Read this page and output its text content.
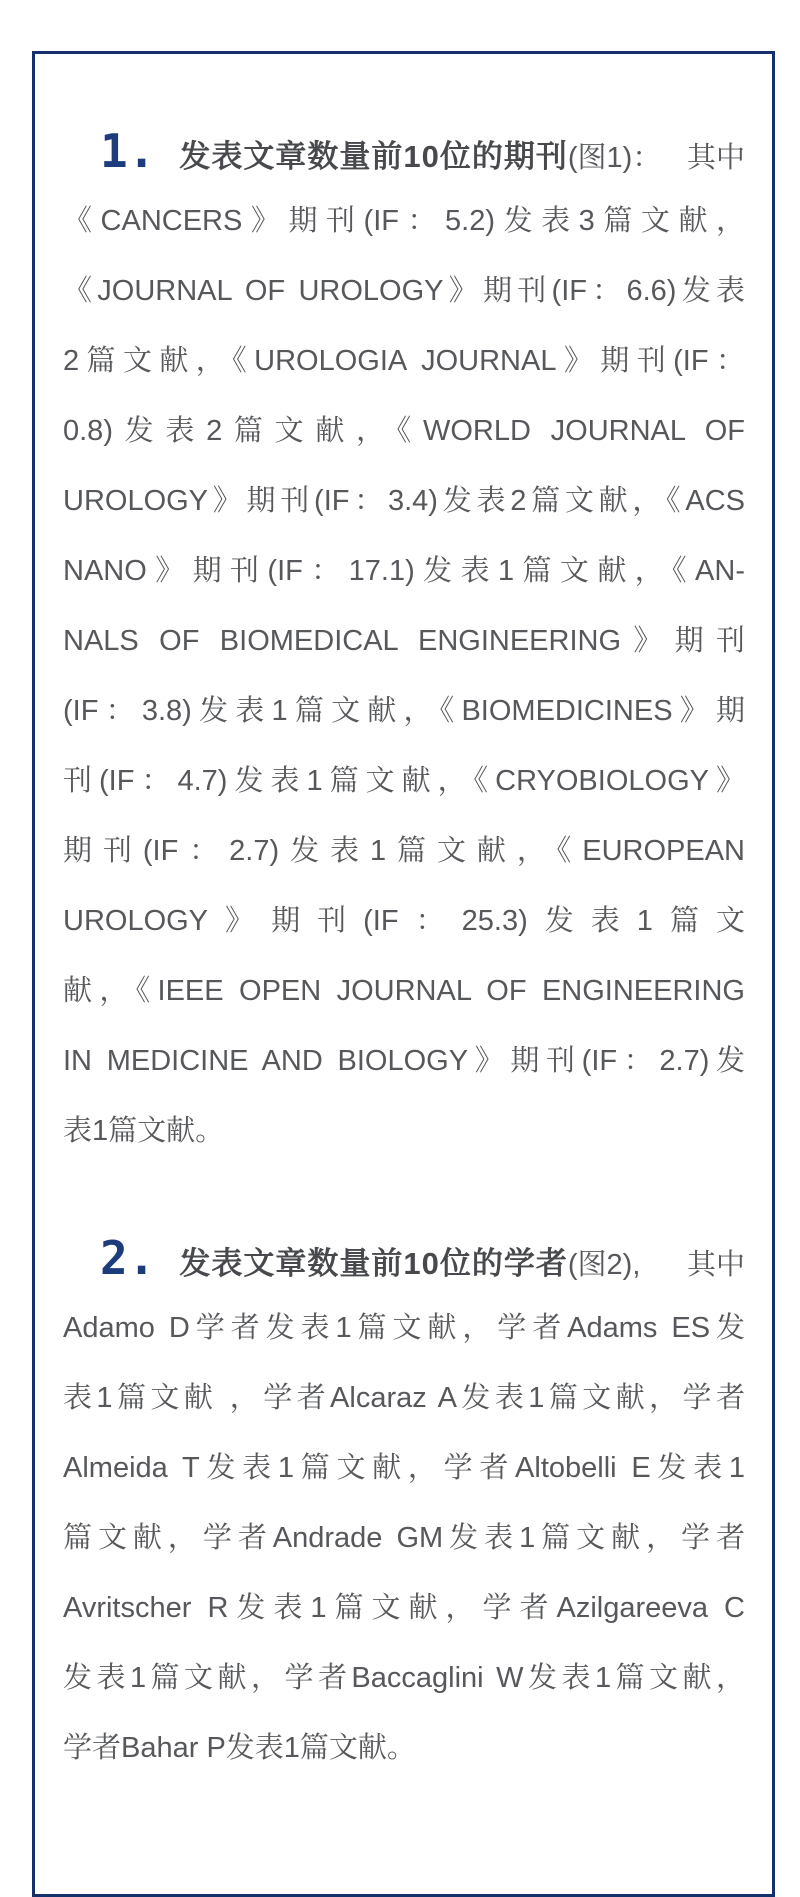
1. 发表文章数量前10位的期刊(图1)： 其中
《CANCERS》期刊(IF：5.2)发表3篇文献，
《JOURNAL OF UROLOGY》期刊(IF：6.6)发表
2篇文献，《UROLOGIA JOURNAL》期刊(IF：
0.8)发表2篇文献，《WORLD JOURNAL OF
UROLOGY》期刊(IF：3.4)发表2篇文献，《ACS
NANO》期刊(IF：17.1)发表1篇文献，《AN-
NALS OF BIOMEDICAL ENGINEERING》期刊
(IF：3.8)发表1篇文献，《BIOMEDICINES》期
刊(IF：4.7)发表1篇文献，《CRYOBIOLOGY》
期刊(IF：2.7)发表1篇文献，《EUROPEAN
UROLOGY》期刊(IF：25.3)发表1篇文
献，《IEEE OPEN JOURNAL OF ENGINEERING
IN MEDICINE AND BIOLOGY》期刊(IF：2.7)发
表1篇文献。
2. 发表文章数量前10位的学者(图2), 其中
Adamo D学者发表1篇文献，学者Adams ES发
表1篇文献 ，学者Alcaraz A发表1篇文献，学者
Almeida T发表1篇文献，学者Altobelli E发表1
篇文献，学者Andrade GM发表1篇文献，学者
Avritscher R发表1篇文献，学者Azilgareeva C
发表1篇文献，学者Baccaglini W发表1篇文献，
学者Bahar P发表1篇文献。
